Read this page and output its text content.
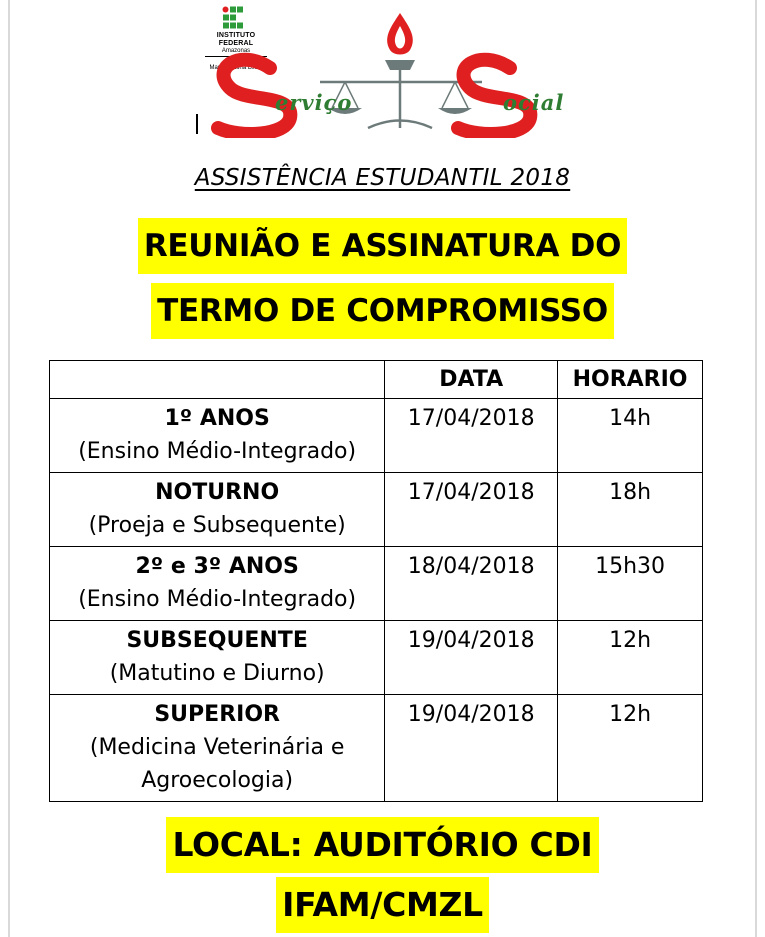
INSTITUTO
FEDERAL
Amazonas
Campus
Manaus Zona Leste
erviço	ocial
ASSISTÊNCIA ESTUDANTIL 2018
REUNIÃO E ASSINATURA DO
TERMO DE COMPROMISSO
	DATA	HORARIO

1º ANOS
(Ensino Médio-Integrado)	17/04/2018	14h

NOTURNO
(Proeja e Subsequente)	17/04/2018	18h

2º e 3º ANOS
(Ensino Médio-Integrado)	18/04/2018	15h30

SUBSEQUENTE
(Matutino e Diurno)	19/04/2018	12h

SUPERIOR
(Medicina Veterinária e Agroecologia)	19/04/2018	12h
LOCAL: AUDITÓRIO CDI
IFAM/CMZL
